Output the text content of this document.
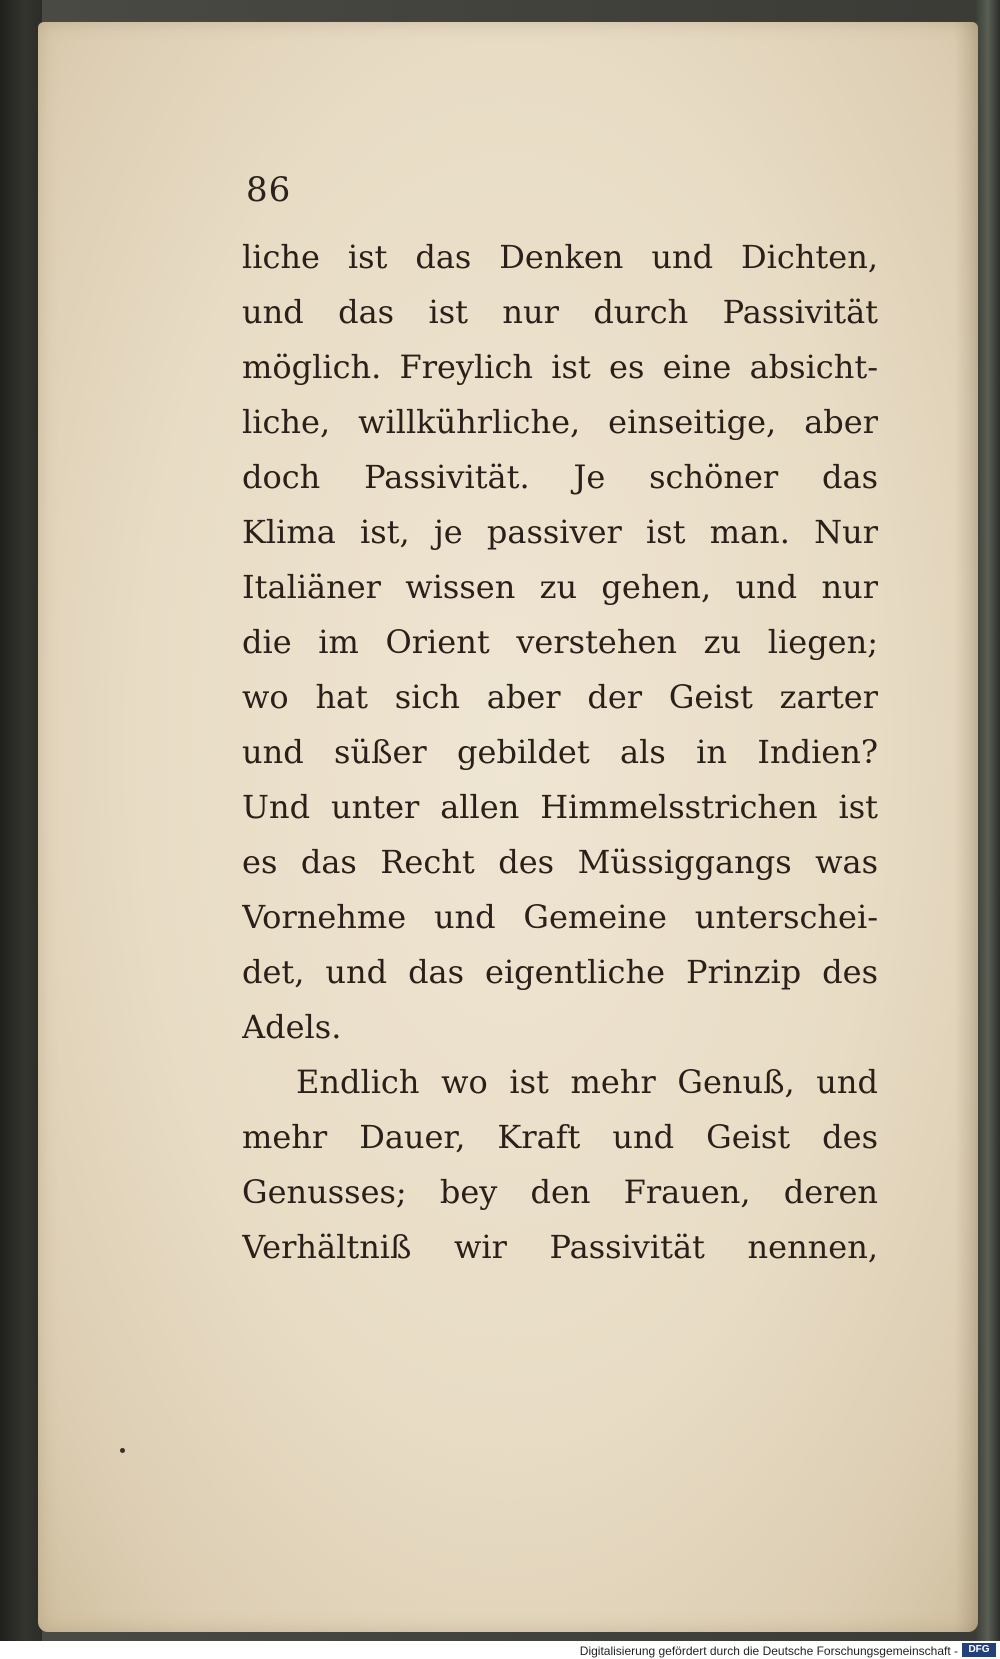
86
liche ist das Denken und Dichten,
und das ist nur durch Passivität
möglich. Freylich ist es eine absicht-
liche, willkührliche, einseitige, aber
doch Passivität. Je schöner das
Klima ist, je passiver ist man. Nur
Italiäner wissen zu gehen, und nur
die im Orient verstehen zu liegen;
wo hat sich aber der Geist zarter
und süßer gebildet als in Indien?
Und unter allen Himmelsstrichen ist
es das Recht des Müssiggangs was
Vornehme und Gemeine unterschei-
det, und das eigentliche Prinzip des
Adels.
Endlich wo ist mehr Genuß, und
mehr Dauer, Kraft und Geist des
Genusses; bey den Frauen, deren
Verhältniß wir Passivität nennen,
Digitalisierung gefördert durch die Deutsche Forschungsgemeinschaft -	DFG
